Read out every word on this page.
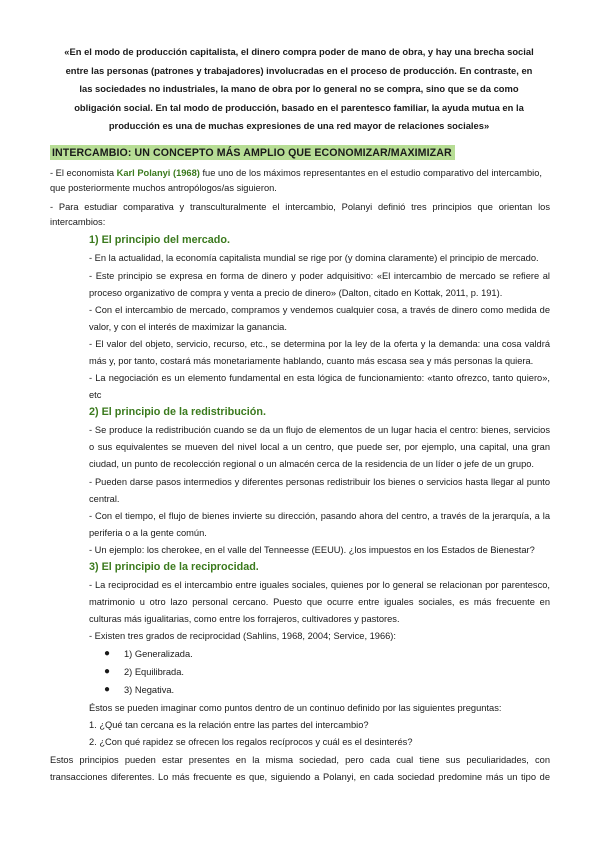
«En el modo de producción capitalista, el dinero compra poder de mano de obra, y hay una brecha social entre las personas (patrones y trabajadores) involucradas en el proceso de producción. En contraste, en las sociedades no industriales, la mano de obra por lo general no se compra, sino que se da como obligación social. En tal modo de producción, basado en el parentesco familiar, la ayuda mutua en la producción es una de muchas expresiones de una red mayor de relaciones sociales»
INTERCAMBIO: UN CONCEPTO MÁS AMPLIO QUE ECONOMIZAR/MAXIMIZAR
- El economista Karl Polanyi (1968) fue uno de los máximos representantes en el estudio comparativo del intercambio,
que posteriormente muchos antropólogos/as siguieron.
- Para estudiar comparativa y transculturalmente el intercambio, Polanyi definió tres principios que orientan los
intercambios:
1) El principio del mercado.
- En la actualidad, la economía capitalista mundial se rige por (y domina claramente) el principio de mercado.
- Este principio se expresa en forma de dinero y poder adquisitivo: «El intercambio de mercado se refiere al
proceso organizativo de compra y venta a precio de dinero» (Dalton, citado en Kottak, 2011, p. 191).
- Con el intercambio de mercado, compramos y vendemos cualquier cosa, a través de dinero como medida de
valor, y con el interés de maximizar la ganancia.
- El valor del objeto, servicio, recurso, etc., se determina por la ley de la oferta y la demanda: una cosa valdrá
más y, por tanto, costará más monetariamente hablando, cuanto más escasa sea y más personas la quiera.
- La negociación es un elemento fundamental en esta lógica de funcionamiento: «tanto ofrezco, tanto quiero»,
etc
2) El principio de la redistribución.
- Se produce la redistribución cuando se da un flujo de elementos de un lugar hacia el centro: bienes, servicios
o sus equivalentes se mueven del nivel local a un centro, que puede ser, por ejemplo, una capital, una gran
ciudad, un punto de recolección regional o un almacén cerca de la residencia de un líder o jefe de un grupo.
- Pueden darse pasos intermedios y diferentes personas redistribuir los bienes o servicios hasta llegar al punto
central.
- Con el tiempo, el flujo de bienes invierte su dirección, pasando ahora del centro, a través de la jerarquía, a la
periferia o a la gente común.
- Un ejemplo: los cherokee, en el valle del Tenneesse (EEUU). ¿los impuestos en los Estados de Bienestar?
3) El principio de la reciprocidad.
- La reciprocidad es el intercambio entre iguales sociales, quienes por lo general se relacionan por parentesco,
matrimonio u otro lazo personal cercano. Puesto que ocurre entre iguales sociales, es más frecuente en
culturas más igualitarias, como entre los forrajeros, cultivadores y pastores.
- Existen tres grados de reciprocidad (Sahlins, 1968, 2004; Service, 1966):
● 1) Generalizada.
● 2) Equilibrada.
● 3) Negativa.
Éstos se pueden imaginar como puntos dentro de un continuo definido por las siguientes preguntas:
1. ¿Qué tan cercana es la relación entre las partes del intercambio?
2. ¿Con qué rapidez se ofrecen los regalos recíprocos y cuál es el desinterés?
Estos principios pueden estar presentes en la misma sociedad, pero cada cual tiene sus peculiaridades, con
transacciones diferentes. Lo más frecuente es que, siguiendo a Polanyi, en cada sociedad predomine más un tipo de
